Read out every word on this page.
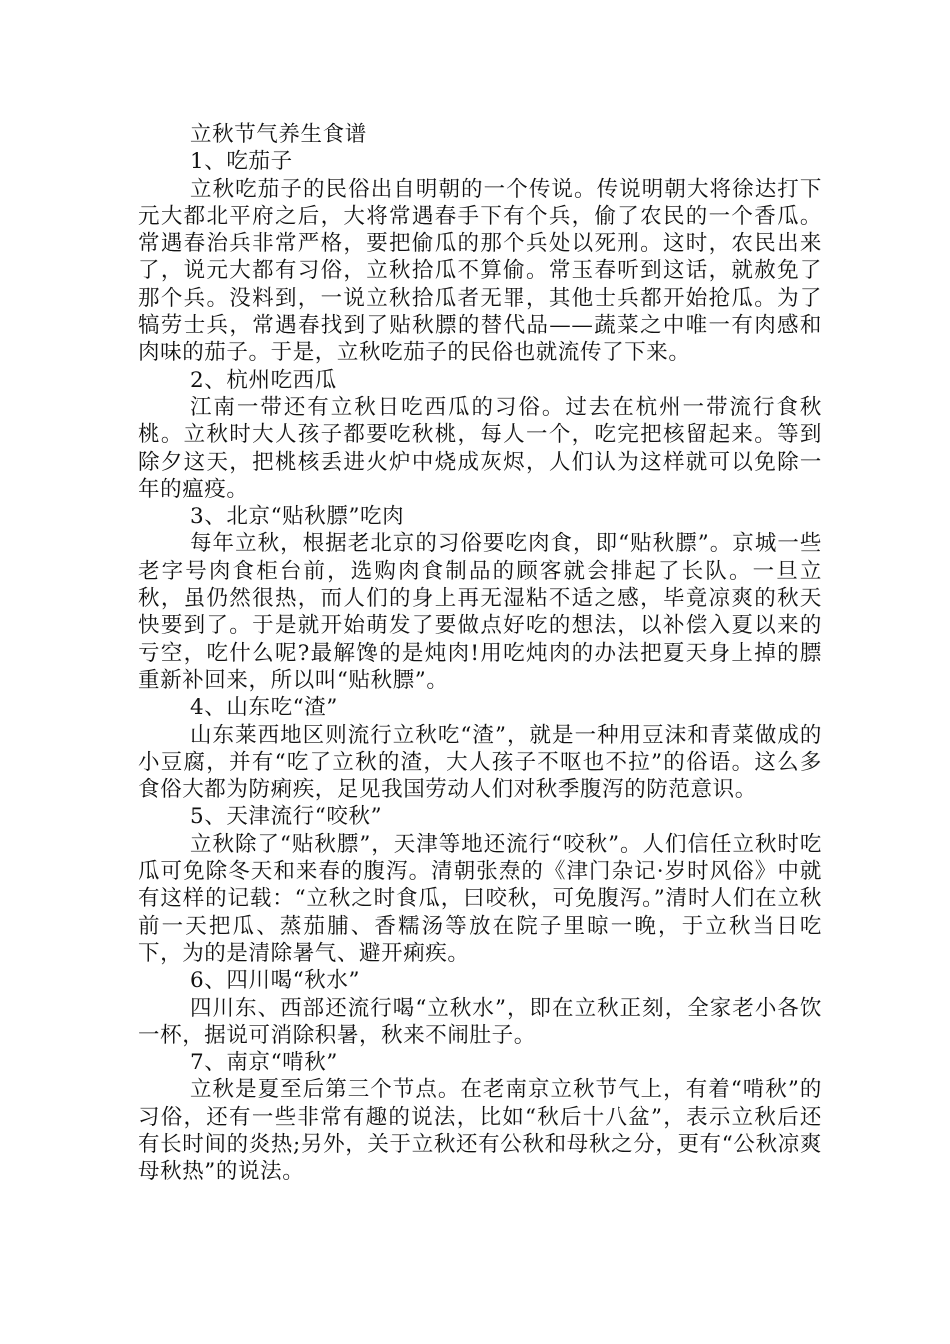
立秋节气养生食谱

1、吃茄子

立秋吃茄子的民俗出自明朝的一个传说。传说明朝大将徐达打下元大都北平府之后，大将常遇春手下有个兵，偷了农民的一个香瓜。常遇春治兵非常严格，要把偷瓜的那个兵处以死刑。这时，农民出来了，说元大都有习俗，立秋拾瓜不算偷。常玉春听到这话，就赦免了那个兵。没料到，一说立秋拾瓜者无罪，其他士兵都开始抢瓜。为了犒劳士兵，常遇春找到了贴秋膘的替代品——蔬菜之中唯一有肉感和肉味的茄子。于是，立秋吃茄子的民俗也就流传了下来。

2、杭州吃西瓜

江南一带还有立秋日吃西瓜的习俗。过去在杭州一带流行食秋桃。立秋时大人孩子都要吃秋桃，每人一个，吃完把核留起来。等到除夕这天，把桃核丢进火炉中烧成灰烬，人们认为这样就可以免除一年的瘟疫。

3、北京“贴秋膘”吃肉

每年立秋，根据老北京的习俗要吃肉食，即“贴秋膘”。京城一些老字号肉食柜台前，选购肉食制品的顾客就会排起了长队。一旦立秋，虽仍然很热，而人们的身上再无湿粘不适之感，毕竟凉爽的秋天快要到了。于是就开始萌发了要做点好吃的想法，以补偿入夏以来的亏空，吃什么呢?最解馋的是炖肉!用吃炖肉的办法把夏天身上掉的膘重新补回来，所以叫“贴秋膘”。

4、山东吃“渣”

山东莱西地区则流行立秋吃“渣”，就是一种用豆沫和青菜做成的小豆腐，并有“吃了立秋的渣，大人孩子不呕也不拉”的俗语。这么多食俗大都为防痢疾，足见我国劳动人们对秋季腹泻的防范意识。

5、天津流行“咬秋”

立秋除了“贴秋膘”，天津等地还流行“咬秋”。人们信任立秋时吃瓜可免除冬天和来春的腹泻。清朝张焘的《津门杂记·岁时风俗》中就有这样的记载：“立秋之时食瓜，曰咬秋，可免腹泻。”清时人们在立秋前一天把瓜、蒸茄脯、香糯汤等放在院子里晾一晚，于立秋当日吃下，为的是清除暑气、避开痢疾。

6、四川喝“秋水”

四川东、西部还流行喝“立秋水”，即在立秋正刻，全家老小各饮一杯，据说可消除积暑，秋来不闹肚子。

7、南京“啃秋”

立秋是夏至后第三个节点。在老南京立秋节气上，有着“啃秋”的习俗，还有一些非常有趣的说法，比如“秋后十八盆”，表示立秋后还有长时间的炎热;另外，关于立秋还有公秋和母秋之分，更有“公秋凉爽母秋热”的说法。
